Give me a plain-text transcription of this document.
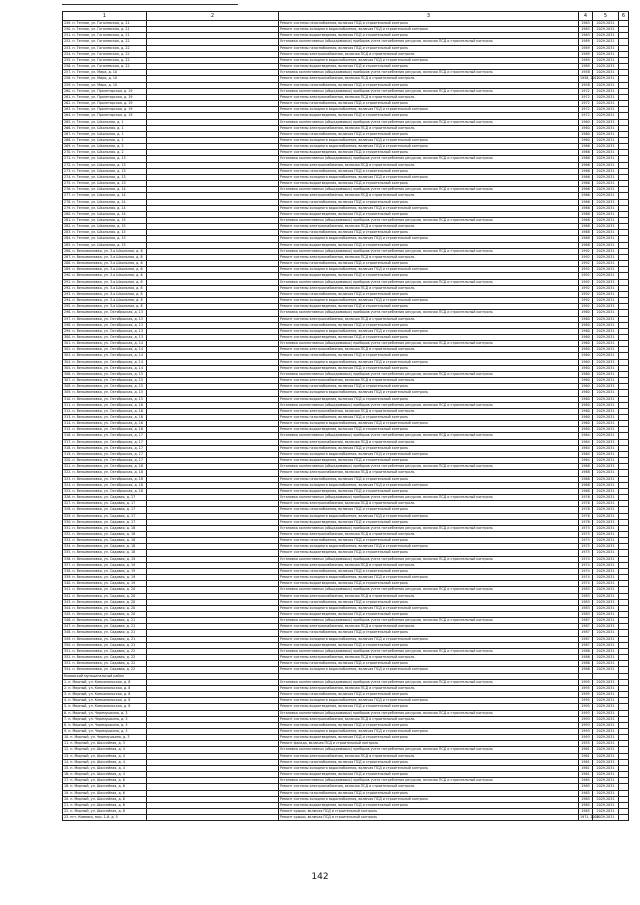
1	2	3	4	5	6
249. п. Теплое, ул. Гоголевская, д. 21		Ремонт системы газоснабжения, включая ПСД и строительный контроль	1963	2029-2031	
250. п. Теплое, ул. Гоголевская, д. 21		Ремонт системы холодного водоснабжения, включая ПСД и строительный контроль	1963	2029-2031	
251. п. Теплое, ул. Гоголевская, д. 21		Ремонт системы водоотведения, включая ПСД и строительный контроль	1963	2029-2031	
252. п. Теплое, ул. Гоголевская, д. 22		Установка коллективных (общедомовых) приборов учета потребления ресурсов, включая ПСД и строительный контроль	1989	2029-2031	
253. п. Теплое, ул. Гоголевская, д. 22		Ремонт системы газоснабжения, включая ПСД и строительный контроль	1989	2029-2031	
254. п. Теплое, ул. Гоголевская, д. 22		Ремонт системы электроснабжения, включая ПСД и строительный контроль	1989	2029-2031	
255. п. Теплое, ул. Гоголевская, д. 22		Ремонт системы холодного водоснабжения, включая ПСД и строительный контроль	1989	2029-2031	
256. п. Теплое, ул. Гоголевская, д. 22		Ремонт системы водоотведения, включая ПСД и строительный контроль	1989	2029-2031	
257. п. Теплое, ул. Мира, д. 10		Установка коллективных (общедомовых) приборов учета потребления ресурсов, включая ПСД и строительный контроль	1958	2029-2031	
258. п. Теплое, ул. Мира, д. 10		Ремонт системы электроснабжения, включая ПСД и строительный контроль	1958, 2012	2029-2031	
259. п. Теплое, ул. Мира, д. 10		Ремонт системы газоснабжения, включая ПСД и строительный контроль	1958	2029-2031	
260. п. Теплое, ул. Пролетарская, д. 19		Установка коллективных (общедомовых) приборов учета потребления ресурсов, включая ПСД и строительный контроль	1972	2029-2031	
261. п. Теплое, ул. Пролетарская, д. 19		Ремонт системы электроснабжения, включая ПСД и строительный контроль	1972	2029-2031	
262. п. Теплое, ул. Пролетарская, д. 19		Ремонт системы газоснабжения, включая ПСД и строительный контроль	1972	2029-2031	
263. п. Теплое, ул. Пролетарская, д. 19		Ремонт системы холодного водоснабжения, включая ПСД и строительный контроль	1972	2029-2031	
264. п. Теплое, ул. Пролетарская, д. 19		Ремонт системы водоотведения, включая ПСД и строительный контроль	1972	2029-2031	
265. п. Теплое, ул. Школьная, д. 1		Установка коллективных (общедомовых) приборов учета потребления ресурсов, включая ПСД и строительный контроль	1960	2029-2031	
266. п. Теплое, ул. Школьная, д. 1		Ремонт системы электроснабжения, включая ПСД и строительный контроль	1960	2029-2031	
267. п. Теплое, ул. Школьная, д. 1		Ремонт системы газоснабжения, включая ПСД и строительный контроль	1960	2029-2031	
268. п. Теплое, ул. Школьная, д. 1		Ремонт системы холодного водоснабжения, включая ПСД и строительный контроль	1960	2029-2031	
269. п. Теплое, ул. Школьная, д. 2		Ремонт системы холодного водоснабжения, включая ПСД и строительный контроль	1966	2029-2031	
270. п. Теплое, ул. Школьная, д. 2		Ремонт системы водоотведения, включая ПСД и строительный контроль	1966	2029-2031	
271. п. Теплое, ул. Школьная, д. 13		Установка коллективных (общедомовых) приборов учета потребления ресурсов, включая ПСД и строительный контроль	1966	2029-2031	
272. п. Теплое, ул. Школьная, д. 13		Ремонт системы электроснабжения, включая ПСД и строительный контроль	1966	2029-2031	
273. п. Теплое, ул. Школьная, д. 13		Ремонт системы газоснабжения, включая ПСД и строительный контроль	1966	2029-2031	
274. п. Теплое, ул. Школьная, д. 13		Ремонт системы холодного водоснабжения, включая ПСД и строительный контроль	1966	2029-2031	
275. п. Теплое, ул. Школьная, д. 13		Ремонт системы водоотведения, включая ПСД и строительный контроль	1966	2029-2031	
276. п. Теплое, ул. Школьная, д. 14		Установка коллективных (общедомовых) приборов учета потребления ресурсов, включая ПСД и строительный контроль	1966	2029-2031	
277. п. Теплое, ул. Школьная, д. 14		Ремонт системы электроснабжения, включая ПСД и строительный контроль	1966	2029-2031	
278. п. Теплое, ул. Школьная, д. 14		Ремонт системы газоснабжения, включая ПСД и строительный контроль	1966	2029-2031	
279. п. Теплое, ул. Школьная, д. 14		Ремонт системы холодного водоснабжения, включая ПСД и строительный контроль	1966	2029-2031	
280. п. Теплое, ул. Школьная, д. 14		Ремонт системы водоотведения, включая ПСД и строительный контроль	1966	2029-2031	
281. п. Теплое, ул. Школьная, д. 15		Установка коллективных (общедомовых) приборов учета потребления ресурсов, включая ПСД и строительный контроль	1968	2029-2031	
282. п. Теплое, ул. Школьная, д. 15		Ремонт системы электроснабжения, включая ПСД и строительный контроль	1968	2029-2031	
283. п. Теплое, ул. Школьная, д. 15		Ремонт системы газоснабжения, включая ПСД и строительный контроль	1968	2029-2031	
284. п. Теплое, ул. Школьная, д. 15		Ремонт системы холодного водоснабжения, включая ПСД и строительный контроль	1968	2029-2031	
285. п. Теплое, ул. Школьная, д. 15		Ремонт системы водоотведения, включая ПСД и строительный контроль	1968	2029-2031	
286. п. Вельяминовка, ул. 3-я Школьная, д. 6		Установка коллективных (общедомовых) приборов учета потребления ресурсов, включая ПСД и строительный контроль	1992	2029-2031	
287. п. Вельяминовка, ул. 3-я Школьная, д. 6		Ремонт системы электроснабжения, включая ПСД и строительный контроль	1992	2029-2031	
288. п. Вельяминовка, ул. 3-я Школьная, д. 6		Ремонт системы газоснабжения, включая ПСД и строительный контроль	1992	2029-2031	
289. п. Вельяминовка, ул. 3-я Школьная, д. 6		Ремонт системы холодного водоснабжения, включая ПСД и строительный контроль	1992	2029-2031	
290. п. Вельяминовка, ул. 3-я Школьная, д. 6		Ремонт системы водоотведения, включая ПСД и строительный контроль	1992	2029-2031	
291. п. Вельяминовка, ул. 3-я Школьная, д. 8		Установка коллективных (общедомовых) приборов учета потребления ресурсов, включая ПСД и строительный контроль	1992	2029-2031	
292. п. Вельяминовка, ул. 3-я Школьная, д. 8		Ремонт системы электроснабжения, включая ПСД и строительный контроль	1992	2029-2031	
293. п. Вельяминовка, ул. 3-я Школьная, д. 8		Ремонт системы газоснабжения, включая ПСД и строительный контроль	1992	2029-2031	
294. п. Вельяминовка, ул. 3-я Школьная, д. 8		Ремонт системы холодного водоснабжения, включая ПСД и строительный контроль	1992	2029-2031	
295. п. Вельяминовка, ул. 3-я Школьная, д. 8		Ремонт системы водоотведения, включая ПСД и строительный контроль	1992	2029-2031	
296. п. Вельяминовка, ул. Октябрьская, д. 13		Установка коллективных (общедомовых) приборов учета потребления ресурсов, включая ПСД и строительный контроль	1960	2029-2031	
297. п. Вельяминовка, ул. Октябрьская, д. 13		Ремонт системы электроснабжения, включая ПСД и строительный контроль	1960	2029-2031	
298. п. Вельяминовка, ул. Октябрьская, д. 13		Ремонт системы газоснабжения, включая ПСД и строительный контроль	1960	2029-2031	
299. п. Вельяминовка, ул. Октябрьская, д. 13		Ремонт системы холодного водоснабжения, включая ПСД и строительный контроль	1960	2029-2031	
300. п. Вельяминовка, ул. Октябрьская, д. 13		Ремонт системы водоотведения, включая ПСД и строительный контроль	1960	2029-2031	
301. п. Вельяминовка, ул. Октябрьская, д. 14		Установка коллективных (общедомовых) приборов учета потребления ресурсов, включая ПСД и строительный контроль	1960	2029-2031	
302. п. Вельяминовка, ул. Октябрьская, д. 14		Ремонт системы электроснабжения, включая ПСД и строительный контроль	1960	2029-2031	
303. п. Вельяминовка, ул. Октябрьская, д. 14		Ремонт системы газоснабжения, включая ПСД и строительный контроль	1960	2029-2031	
304. п. Вельяминовка, ул. Октябрьская, д. 14		Ремонт системы холодного водоснабжения, включая ПСД и строительный контроль	1960	2029-2031	
305. п. Вельяминовка, ул. Октябрьская, д. 14		Ремонт системы водоотведения, включая ПСД и строительный контроль	1960	2029-2031	
306. п. Вельяминовка, ул. Октябрьская, д. 15		Установка коллективных (общедомовых) приборов учета потребления ресурсов, включая ПСД и строительный контроль	1960	2029-2031	
307. п. Вельяминовка, ул. Октябрьская, д. 15		Ремонт системы электроснабжения, включая ПСД и строительный контроль	1960	2029-2031	
308. п. Вельяминовка, ул. Октябрьская, д. 15		Ремонт системы газоснабжения, включая ПСД и строительный контроль	1960	2029-2031	
309. п. Вельяминовка, ул. Октябрьская, д. 15		Ремонт системы холодного водоснабжения, включая ПСД и строительный контроль	1960	2029-2031	
310. п. Вельяминовка, ул. Октябрьская, д. 15		Ремонт системы водоотведения, включая ПСД и строительный контроль	1960	2029-2031	
311. п. Вельяминовка, ул. Октябрьская, д. 16		Установка коллективных (общедомовых) приборов учета потребления ресурсов, включая ПСД и строительный контроль	1960	2029-2031	
312. п. Вельяминовка, ул. Октябрьская, д. 16		Ремонт системы электроснабжения, включая ПСД и строительный контроль	1960	2029-2031	
313. п. Вельяминовка, ул. Октябрьская, д. 16		Ремонт системы газоснабжения, включая ПСД и строительный контроль	1960	2029-2031	
314. п. Вельяминовка, ул. Октябрьская, д. 16		Ремонт системы холодного водоснабжения, включая ПСД и строительный контроль	1960	2029-2031	
315. п. Вельяминовка, ул. Октябрьская, д. 16		Ремонт системы водоотведения, включая ПСД и строительный контроль	1960	2029-2031	
316. п. Вельяминовка, ул. Октябрьская, д. 17		Установка коллективных (общедомовых) приборов учета потребления ресурсов, включая ПСД и строительный контроль	1964	2029-2031	
317. п. Вельяминовка, ул. Октябрьская, д. 17		Ремонт системы электроснабжения, включая ПСД и строительный контроль	1964	2029-2031	
318. п. Вельяминовка, ул. Октябрьская, д. 17		Ремонт системы газоснабжения, включая ПСД и строительный контроль	1964	2029-2031	
319. п. Вельяминовка, ул. Октябрьская, д. 17		Ремонт системы холодного водоснабжения, включая ПСД и строительный контроль	1964	2029-2031	
320. п. Вельяминовка, ул. Октябрьская, д. 17		Ремонт системы водоотведения, включая ПСД и строительный контроль	1964	2029-2031	
321. п. Вельяминовка, ул. Октябрьская, д. 18		Установка коллективных (общедомовых) приборов учета потребления ресурсов, включая ПСД и строительный контроль	1968	2029-2031	
322. п. Вельяминовка, ул. Октябрьская, д. 18		Ремонт системы электроснабжения, включая ПСД и строительный контроль	1968	2029-2031	
323. п. Вельяминовка, ул. Октябрьская, д. 18		Ремонт системы газоснабжения, включая ПСД и строительный контроль	1968	2029-2031	
324. п. Вельяминовка, ул. Октябрьская, д. 18		Ремонт системы холодного водоснабжения, включая ПСД и строительный контроль	1968	2029-2031	
325. п. Вельяминовка, ул. Октябрьская, д. 18		Ремонт системы водоотведения, включая ПСД и строительный контроль	1968	2029-2031	
326. п. Вельяминовка, ул. Садовая, д. 17		Установка коллективных (общедомовых) приборов учета потребления ресурсов, включая ПСД и строительный контроль	1976	2029-2031	
327. п. Вельяминовка, ул. Садовая, д. 17		Ремонт системы электроснабжения, включая ПСД и строительный контроль	1976	2029-2031	
328. п. Вельяминовка, ул. Садовая, д. 17		Ремонт системы газоснабжения, включая ПСД и строительный контроль	1976	2029-2031	
329. п. Вельяминовка, ул. Садовая, д. 17		Ремонт системы холодного водоснабжения, включая ПСД и строительный контроль	1976	2029-2031	
330. п. Вельяминовка, ул. Садовая, д. 17		Ремонт системы водоотведения, включая ПСД и строительный контроль	1976	2029-2031	
331. п. Вельяминовка, ул. Садовая, д. 18		Установка коллективных (общедомовых) приборов учета потребления ресурсов, включая ПСД и строительный контроль	1975	2029-2031	
332. п. Вельяминовка, ул. Садовая, д. 18		Ремонт системы электроснабжения, включая ПСД и строительный контроль	1975	2029-2031	
333. п. Вельяминовка, ул. Садовая, д. 18		Ремонт системы газоснабжения, включая ПСД и строительный контроль	1975	2029-2031	
334. п. Вельяминовка, ул. Садовая, д. 18		Ремонт системы холодного водоснабжения, включая ПСД и строительный контроль	1975	2029-2031	
335. п. Вельяминовка, ул. Садовая, д. 18		Ремонт системы водоотведения, включая ПСД и строительный контроль	1975	2029-2031	
336. п. Вельяминовка, ул. Садовая, д. 19		Установка коллективных (общедомовых) приборов учета потребления ресурсов, включая ПСД и строительный контроль	1974	2029-2031	
337. п. Вельяминовка, ул. Садовая, д. 19		Ремонт системы электроснабжения, включая ПСД и строительный контроль	1974	2029-2031	
338. п. Вельяминовка, ул. Садовая, д. 19		Ремонт системы газоснабжения, включая ПСД и строительный контроль	1974	2029-2031	
339. п. Вельяминовка, ул. Садовая, д. 19		Ремонт системы холодного водоснабжения, включая ПСД и строительный контроль	1974	2029-2031	
340. п. Вельяминовка, ул. Садовая, д. 19		Ремонт системы водоотведения, включая ПСД и строительный контроль	1974	2029-2031	
341. п. Вельяминовка, ул. Садовая, д. 20		Установка коллективных (общедомовых) приборов учета потребления ресурсов, включая ПСД и строительный контроль	1983	2029-2031	
342. п. Вельяминовка, ул. Садовая, д. 20		Ремонт системы электроснабжения, включая ПСД и строительный контроль	1983	2029-2031	
343. п. Вельяминовка, ул. Садовая, д. 20		Ремонт системы газоснабжения, включая ПСД и строительный контроль	1983	2029-2031	
344. п. Вельяминовка, ул. Садовая, д. 20		Ремонт системы холодного водоснабжения, включая ПСД и строительный контроль	1983	2029-2031	
345. п. Вельяминовка, ул. Садовая, д. 20		Ремонт системы водоотведения, включая ПСД и строительный контроль	1983	2029-2031	
346. п. Вельяминовка, ул. Садовая, д. 21		Установка коллективных (общедомовых) приборов учета потребления ресурсов, включая ПСД и строительный контроль	1987	2029-2031	
347. п. Вельяминовка, ул. Садовая, д. 21		Ремонт системы электроснабжения, включая ПСД и строительный контроль	1987	2029-2031	
348. п. Вельяминовка, ул. Садовая, д. 21		Ремонт системы газоснабжения, включая ПСД и строительный контроль	1987	2029-2031	
349. п. Вельяминовка, ул. Садовая, д. 21		Ремонт системы холодного водоснабжения, включая ПСД и строительный контроль	1987	2029-2031	
350. п. Вельяминовка, ул. Садовая, д. 21		Ремонт системы водоотведения, включая ПСД и строительный контроль	1987	2029-2031	
351. п. Вельяминовка, ул. Садовая, д. 22		Установка коллективных (общедомовых) приборов учета потребления ресурсов, включая ПСД и строительный контроль	1986	2029-2031	
352. п. Вельяминовка, ул. Садовая, д. 22		Ремонт системы электроснабжения, включая ПСД и строительный контроль	1986	2029-2031	
353. п. Вельяминовка, ул. Садовая, д. 22		Ремонт системы газоснабжения, включая ПСД и строительный контроль	1986	2029-2031	
354. п. Вельяминовка, ул. Садовая, д. 22		Ремонт системы холодного водоснабжения, включая ПСД и строительный контроль	1986	2029-2031	
Кимовский муниципальный район					
1. п. Мирный, ул. Комсомольская, д. 8		Установка коллективных (общедомовых) приборов учета потребления ресурсов, включая ПСД и строительный контроль	1995	2029-2031	
2. п. Мирный, ул. Комсомольская, д. 8		Ремонт системы электроснабжения, включая ПСД и строительный контроль	1995	2029-2031	
3. п. Мирный, ул. Комсомольская, д. 8		Ремонт системы газоснабжения, включая ПСД и строительный контроль	1995	2029-2031	
4. п. Мирный, ул. Комсомольская, д. 8		Ремонт системы холодного водоснабжения, включая ПСД и строительный контроль	1995	2029-2031	
5. п. Мирный, ул. Комсомольская, д. 8		Ремонт системы водоотведения, включая ПСД и строительный контроль	1995	2029-2031	
6. п. Мирный, ул. Черемушкина, д. 3		Установка коллективных (общедомовых) приборов учета потребления ресурсов, включая ПСД и строительный контроль	1993	2029-2031	
7. п. Мирный, ул. Черемушкина, д. 3		Ремонт системы электроснабжения, включая ПСД и строительный контроль	1993	2029-2031	
8. п. Мирный, ул. Черемушкина, д. 3		Ремонт системы газоснабжения, включая ПСД и строительный контроль	1993	2029-2031	
9. п. Мирный, ул. Черемушкина, д. 3		Ремонт системы холодного водоснабжения, включая ПСД и строительный контроль	1993	2029-2031	
10. п. Мирный, ул. Черемушкина, д. 3		Ремонт системы водоотведения, включая ПСД и строительный контроль	1993	2029-2031	
11. п. Мирный, ул. Шоссейная, д. 3		Ремонт фасада, включая ПСД и строительный контроль	1955	2029-2031	
12. п. Мирный, ул. Шоссейная, д. 4		Установка коллективных (общедомовых) приборов учета потребления ресурсов, включая ПСД и строительный контроль	1961	2029-2031	
13. п. Мирный, ул. Шоссейная, д. 4		Ремонт системы электроснабжения, включая ПСД и строительный контроль	1961	2029-2031	
14. п. Мирный, ул. Шоссейная, д. 4		Ремонт системы газоснабжения, включая ПСД и строительный контроль	1961	2029-2031	
15. п. Мирный, ул. Шоссейная, д. 4		Ремонт системы холодного водоснабжения, включая ПСД и строительный контроль	1961	2029-2031	
16. п. Мирный, ул. Шоссейная, д. 4		Ремонт системы водоотведения, включая ПСД и строительный контроль	1961	2029-2031	
17. п. Мирный, ул. Шоссейная, д. 6		Установка коллективных (общедомовых) приборов учета потребления ресурсов, включая ПСД и строительный контроль	1965	2029-2031	
18. п. Мирный, ул. Шоссейная, д. 6		Ремонт системы электроснабжения, включая ПСД и строительный контроль	1965	2029-2031	
19. п. Мирный, ул. Шоссейная, д. 6		Ремонт системы газоснабжения, включая ПСД и строительный контроль	1965	2029-2031	
20. п. Мирный, ул. Шоссейная, д. 6		Ремонт системы холодного водоснабжения, включая ПСД и строительный контроль	1965	2029-2031	
21. п. Мирный, ул. Шоссейная, д. 6		Ремонт системы водоотведения, включая ПСД и строительный контроль	1965	2029-2031	
22. п. Мирный, ул. Шоссейная, д. 8		Ремонт крыши, включая ПСД и строительный контроль	1965	2029-2031	
23. пгт. Кимовск, мкр. 1-й, д. 5		Ремонт крыши, включая ПСД и строительный контроль	1971, 2009	2029-2031	
142
